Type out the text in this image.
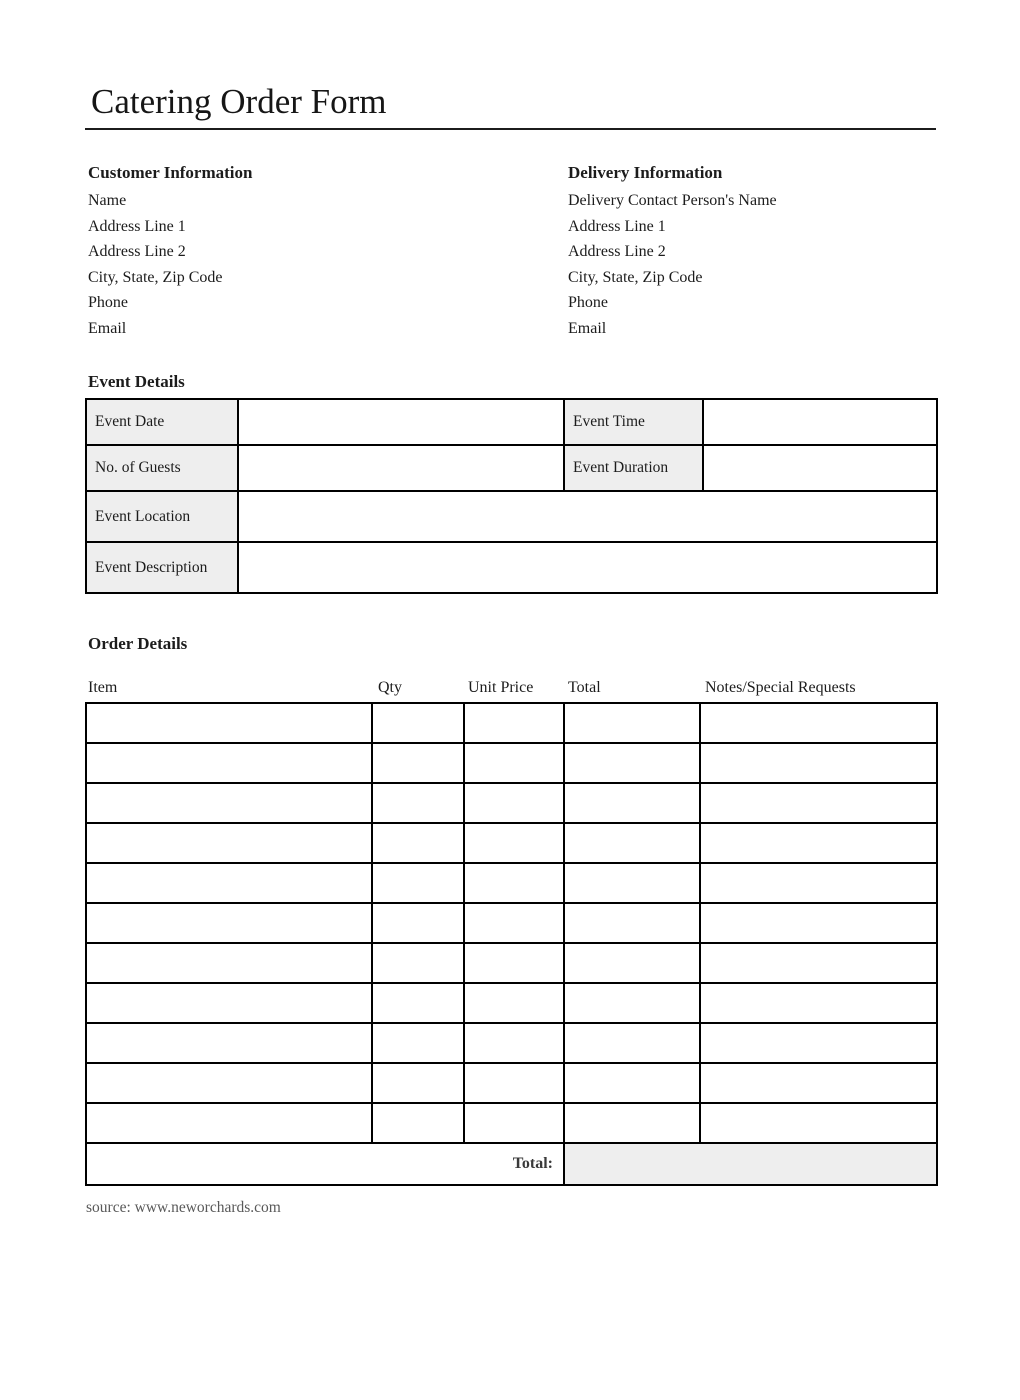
Catering Order Form
Customer Information
Name
Address Line 1
Address Line 2
City, State, Zip Code
Phone
Email
Delivery Information
Delivery Contact Person's Name
Address Line 1
Address Line 2
City, State, Zip Code
Phone
Email
Event Details
Event Date		Event Time	
No. of Guests		Event Duration	
Event Location			
Event Description			
Order Details
Item	Qty	Unit Price	Total	Notes/Special Requests

Total:				
source: www.neworchards.com
